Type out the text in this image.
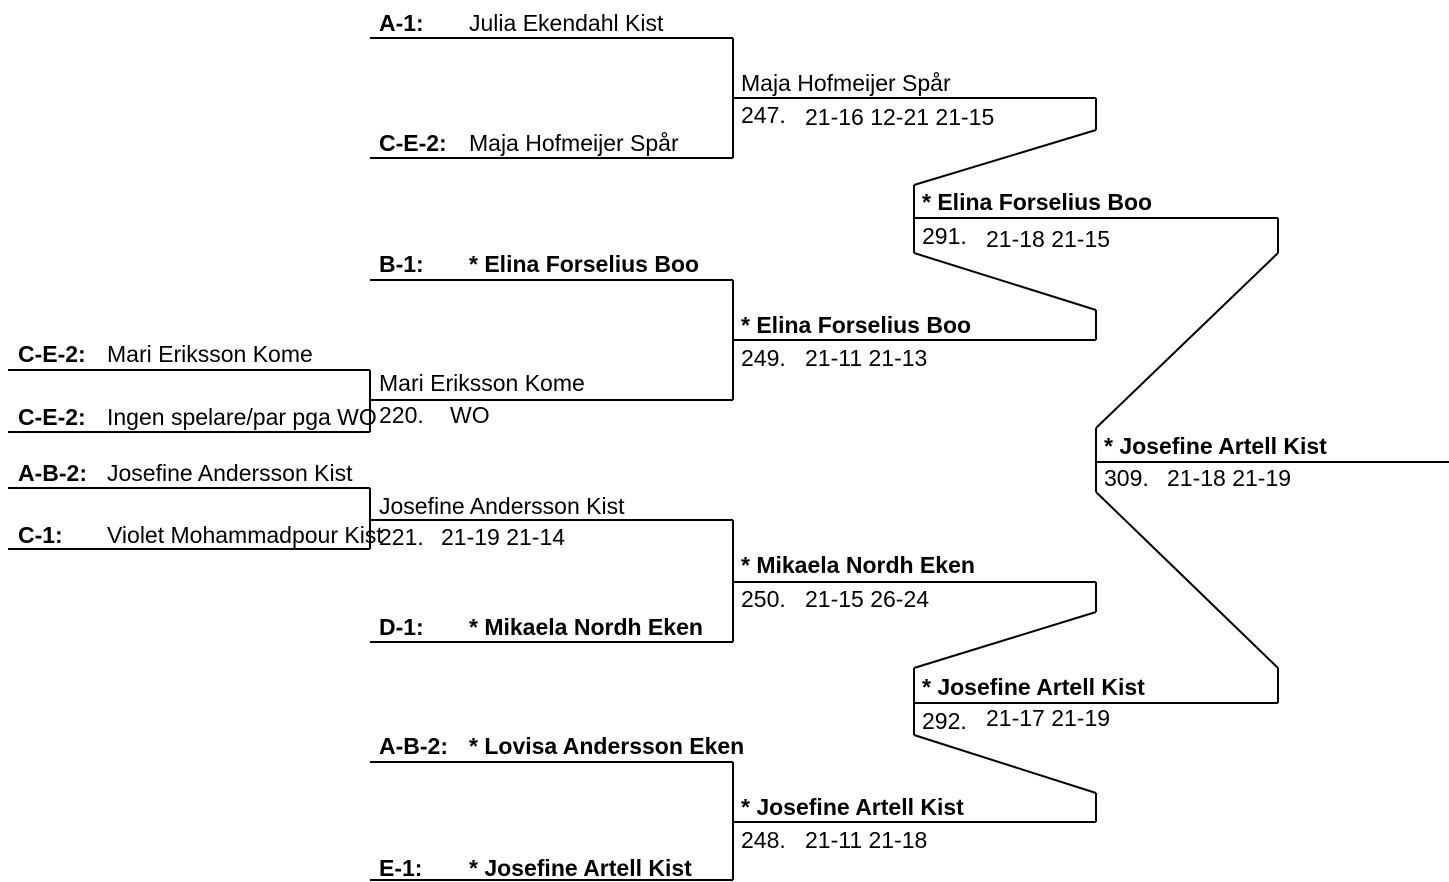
C-E-2: Mari Eriksson Kome
C-E-2: Ingen spelare/par pga WO
A-B-2: Josefine Andersson Kist
C-1: Violet Mohammadpour Kist
Mari Eriksson Kome
220. WO
Josefine Andersson Kist
221. 21-19 21-14
A-1: Julia Ekendahl Kist
C-E-2: Maja Hofmeijer Spår
B-1: * Elina Forselius Boo
D-1: * Mikaela Nordh Eken
A-B-2: * Lovisa Andersson Eken
E-1: * Josefine Artell Kist
Maja Hofmeijer Spår
247. 21-16 12-21 21-15
* Elina Forselius Boo
249. 21-11 21-13
* Mikaela Nordh Eken
250. 21-15 26-24
* Josefine Artell Kist
248. 21-11 21-18
* Elina Forselius Boo
291. 21-18 21-15
* Josefine Artell Kist
292. 21-17 21-19
* Josefine Artell Kist
309. 21-18 21-19
